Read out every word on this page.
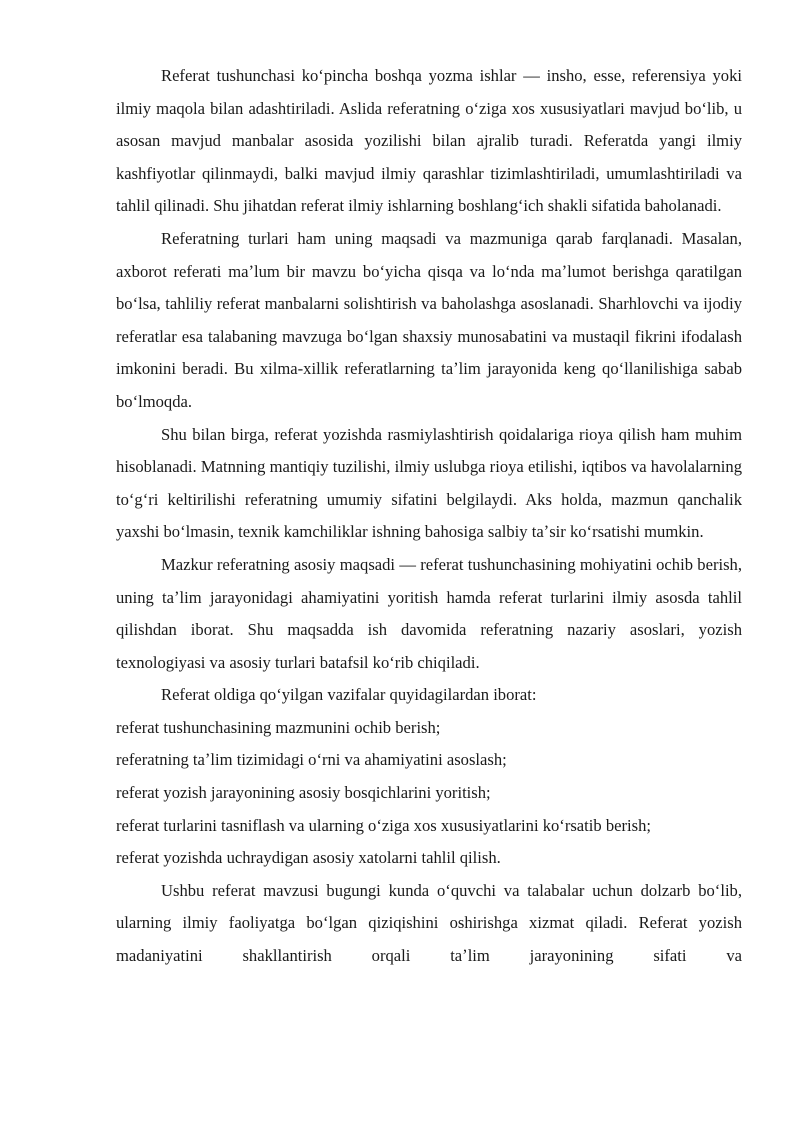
Referat tushunchasi koʻpincha boshqa yozma ishlar — insho, esse, referensiya yoki ilmiy maqola bilan adashtiriladi. Aslida referatning oʻziga xos xususiyatlari mavjud boʻlib, u asosan mavjud manbalar asosida yozilishi bilan ajralib turadi. Referatda yangi ilmiy kashfiyotlar qilinmaydi, balki mavjud ilmiy qarashlar tizimlashtiriladi, umumlashtiriladi va tahlil qilinadi. Shu jihatdan referat ilmiy ishlarning boshlangʻich shakli sifatida baholanadi.

Referatning turlari ham uning maqsadi va mazmuniga qarab farqlanadi. Masalan, axborot referati maʼlum bir mavzu boʻyicha qisqa va loʻnda maʼlumot berishga qaratilgan boʻlsa, tahliliy referat manbalarni solishtirish va baholashga asoslanadi. Sharhlovchi va ijodiy referatlar esa talabaning mavzuga boʻlgan shaxsiy munosabatini va mustaqil fikrini ifodalash imkonini beradi. Bu xilma-xillik referatlarning taʼlim jarayonida keng qoʻllanilishiga sabab boʻlmoqda.

Shu bilan birga, referat yozishda rasmiylashtirish qoidalariga rioya qilish ham muhim hisoblanadi. Matnning mantiqiy tuzilishi, ilmiy uslubga rioya etilishi, iqtibos va havolalarning toʻgʻri keltirilishi referatning umumiy sifatini belgilaydi. Aks holda, mazmun qanchalik yaxshi boʻlmasin, texnik kamchiliklar ishning bahosiga salbiy taʼsir koʻrsatishi mumkin.

Mazkur referatning asosiy maqsadi — referat tushunchasining mohiyatini ochib berish, uning taʼlim jarayonidagi ahamiyatini yoritish hamda referat turlarini ilmiy asosda tahlil qilishdan iborat. Shu maqsadda ish davomida referatning nazariy asoslari, yozish texnologiyasi va asosiy turlari batafsil koʻrib chiqiladi.

Referat oldiga qoʻyilgan vazifalar quyidagilardan iborat:

referat tushunchasining mazmunini ochib berish;

referatning taʼlim tizimidagi oʻrni va ahamiyatini asoslash;

referat yozish jarayonining asosiy bosqichlarini yoritish;

referat turlarini tasniflash va ularning oʻziga xos xususiyatlarini koʻrsatib berish;

referat yozishda uchraydigan asosiy xatolarni tahlil qilish.

Ushbu referat mavzusi bugungi kunda oʻquvchi va talabalar uchun dolzarb boʻlib, ularning ilmiy faoliyatga boʻlgan qiziqishini oshirishga xizmat qiladi. Referat yozish madaniyatini shakllantirish orqali taʼlim jarayonining sifati va
